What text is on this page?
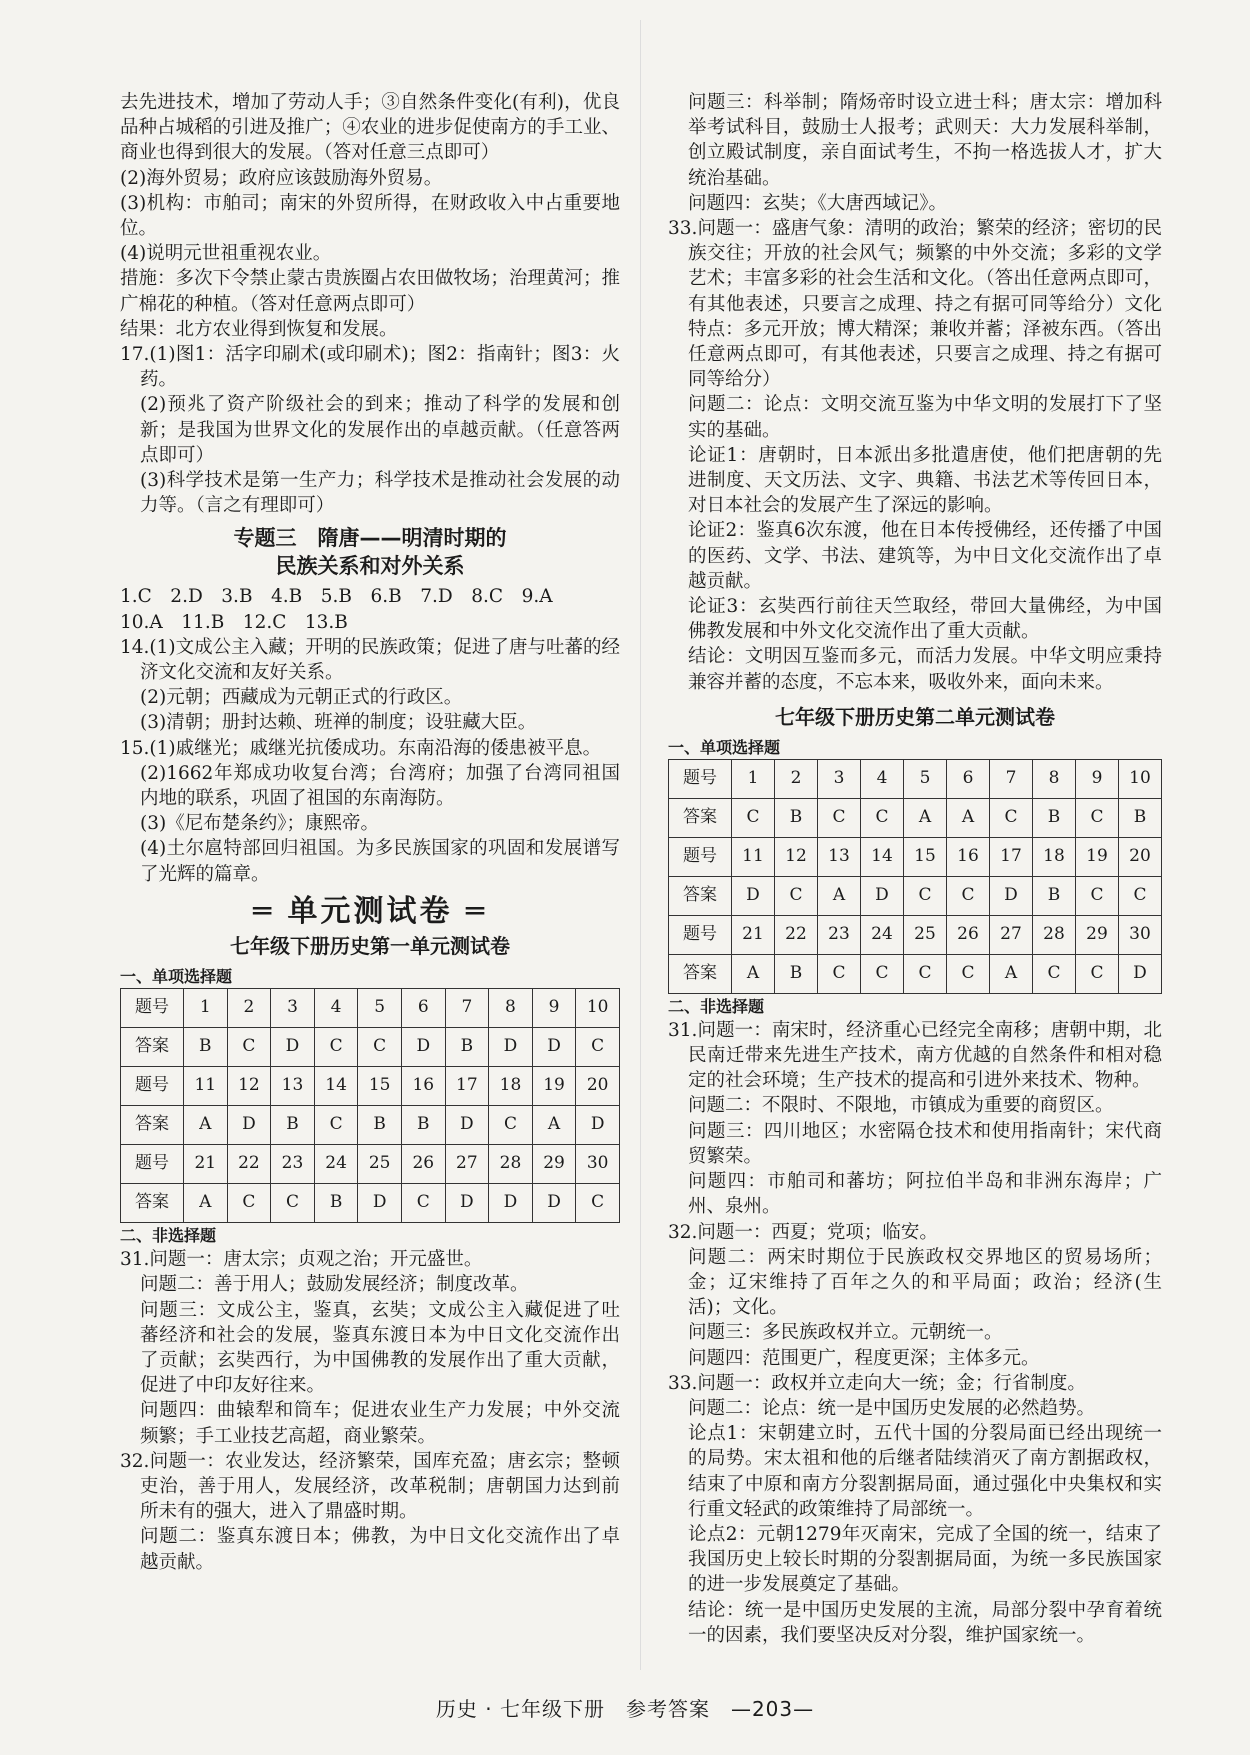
去先进技术，增加了劳动人手；③自然条件变化(有利)，优良品种占城稻的引进及推广；④农业的进步促使南方的手工业、商业也得到很大的发展。（答对任意三点即可）

(2)海外贸易；政府应该鼓励海外贸易。

(3)机构：市舶司；南宋的外贸所得，在财政收入中占重要地位。

(4)说明元世祖重视农业。

措施：多次下令禁止蒙古贵族圈占农田做牧场；治理黄河；推广棉花的种植。（答对任意两点即可）

结果：北方农业得到恢复和发展。

17.(1)图1：活字印刷术(或印刷术)；图2：指南针；图3：火药。

(2)预兆了资产阶级社会的到来；推动了科学的发展和创新；是我国为世界文化的发展作出的卓越贡献。（任意答两点即可）

(3)科学技术是第一生产力；科学技术是推动社会发展的动力等。（言之有理即可）

专题三　隋唐——明清时期的
民族关系和对外关系

1.C　2.D　3.B　4.B　5.B　6.B　7.D　8.C　9.A

10.A　11.B　12.C　13.B

14.(1)文成公主入藏；开明的民族政策；促进了唐与吐蕃的经济文化交流和友好关系。

(2)元朝；西藏成为元朝正式的行政区。

(3)清朝；册封达赖、班禅的制度；设驻藏大臣。

15.(1)戚继光；戚继光抗倭成功。东南沿海的倭患被平息。

(2)1662年郑成功收复台湾；台湾府；加强了台湾同祖国内地的联系，巩固了祖国的东南海防。

(3)《尼布楚条约》；康熙帝。

(4)土尔扈特部回归祖国。为多民族国家的巩固和发展谱写了光辉的篇章。

═ 单元测试卷 ═
七年级下册历史第一单元测试卷

一、单项选择题

题号	1	2	3	4	5	6	7	8	9	10
答案	B	C	D	C	C	D	B	D	D	C
题号	11	12	13	14	15	16	17	18	19	20
答案	A	D	B	C	B	B	D	C	A	D
题号	21	22	23	24	25	26	27	28	29	30
答案	A	C	C	B	D	C	D	D	D	C

二、非选择题

31.问题一：唐太宗；贞观之治；开元盛世。

问题二：善于用人；鼓励发展经济；制度改革。

问题三：文成公主，鉴真，玄奘；文成公主入藏促进了吐蕃经济和社会的发展，鉴真东渡日本为中日文化交流作出了贡献；玄奘西行，为中国佛教的发展作出了重大贡献，促进了中印友好往来。

问题四：曲辕犁和筒车；促进农业生产力发展；中外交流频繁；手工业技艺高超，商业繁荣。

32.问题一：农业发达，经济繁荣，国库充盈；唐玄宗；整顿吏治，善于用人，发展经济，改革税制；唐朝国力达到前所未有的强大，进入了鼎盛时期。

问题二：鉴真东渡日本；佛教，为中日文化交流作出了卓越贡献。

问题三：科举制；隋炀帝时设立进士科；唐太宗：增加科举考试科目，鼓励士人报考；武则天：大力发展科举制，创立殿试制度，亲自面试考生，不拘一格选拔人才，扩大统治基础。

问题四：玄奘；《大唐西域记》。

33.问题一：盛唐气象：清明的政治；繁荣的经济；密切的民族交往；开放的社会风气；频繁的中外交流；多彩的文学艺术；丰富多彩的社会生活和文化。（答出任意两点即可，有其他表述，只要言之成理、持之有据可同等给分）文化特点：多元开放；博大精深；兼收并蓄；泽被东西。（答出任意两点即可，有其他表述，只要言之成理、持之有据可同等给分）

问题二：论点：文明交流互鉴为中华文明的发展打下了坚实的基础。

论证1：唐朝时，日本派出多批遣唐使，他们把唐朝的先进制度、天文历法、文字、典籍、书法艺术等传回日本，对日本社会的发展产生了深远的影响。

论证2：鉴真6次东渡，他在日本传授佛经，还传播了中国的医药、文学、书法、建筑等，为中日文化交流作出了卓越贡献。

论证3：玄奘西行前往天竺取经，带回大量佛经，为中国佛教发展和中外文化交流作出了重大贡献。

结论：文明因互鉴而多元，而活力发展。中华文明应秉持兼容并蓄的态度，不忘本来，吸收外来，面向未来。

七年级下册历史第二单元测试卷

一、单项选择题

题号	1	2	3	4	5	6	7	8	9	10
答案	C	B	C	C	A	A	C	B	C	B
题号	11	12	13	14	15	16	17	18	19	20
答案	D	C	A	D	C	C	D	B	C	C
题号	21	22	23	24	25	26	27	28	29	30
答案	A	B	C	C	C	C	A	C	C	D

二、非选择题

31.问题一：南宋时，经济重心已经完全南移；唐朝中期，北民南迁带来先进生产技术，南方优越的自然条件和相对稳定的社会环境；生产技术的提高和引进外来技术、物种。

问题二：不限时、不限地，市镇成为重要的商贸区。

问题三：四川地区；水密隔仓技术和使用指南针；宋代商贸繁荣。

问题四：市舶司和蕃坊；阿拉伯半岛和非洲东海岸；广州、泉州。

32.问题一：西夏；党项；临安。

问题二：两宋时期位于民族政权交界地区的贸易场所；金；辽宋维持了百年之久的和平局面；政治；经济(生活)；文化。

问题三：多民族政权并立。元朝统一。

问题四：范围更广，程度更深；主体多元。

33.问题一：政权并立走向大一统；金；行省制度。

问题二：论点：统一是中国历史发展的必然趋势。

论点1：宋朝建立时，五代十国的分裂局面已经出现统一的局势。宋太祖和他的后继者陆续消灭了南方割据政权，结束了中原和南方分裂割据局面，通过强化中央集权和实行重文轻武的政策维持了局部统一。

论点2：元朝1279年灭南宋，完成了全国的统一，结束了我国历史上较长时期的分裂割据局面，为统一多民族国家的进一步发展奠定了基础。

结论：统一是中国历史发展的主流，局部分裂中孕育着统一的因素，我们要坚决反对分裂，维护国家统一。

历史 · 七年级下册　参考答案　—203—
